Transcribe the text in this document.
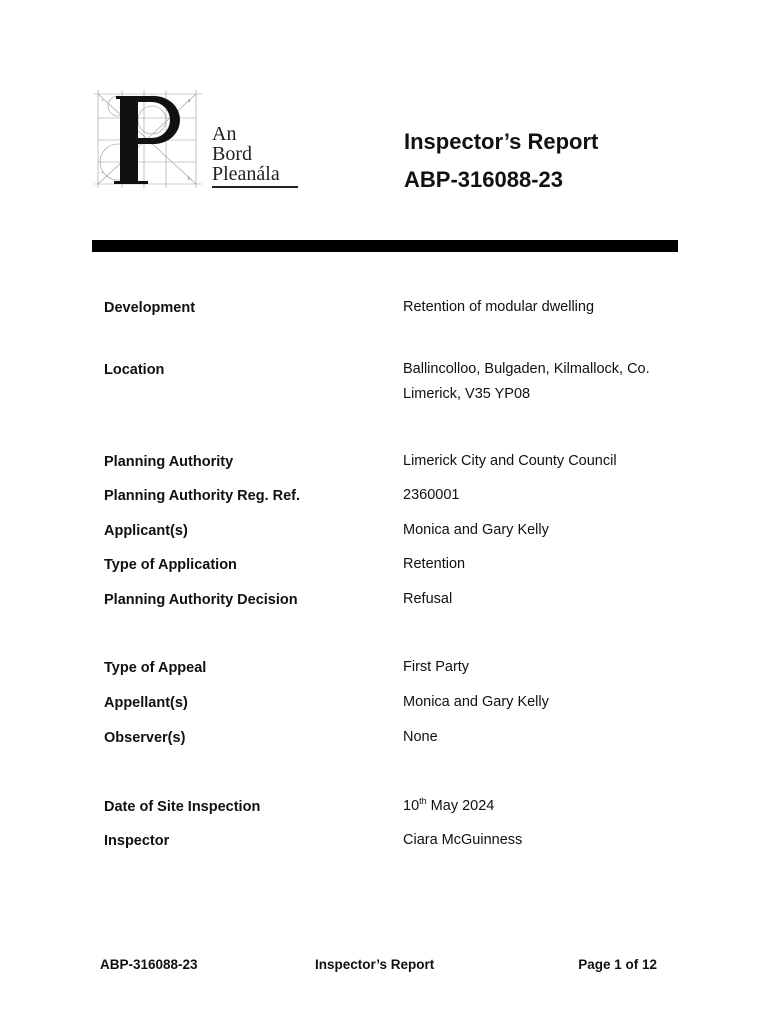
+
+
a
b
An
Bord
Pleanála
Inspector’s Report
ABP-316088-23
Development	Retention of modular dwelling
Location	Ballincolloo, Bulgaden, Kilmallock, Co.
Limerick, V35 YP08
Planning Authority	Limerick City and County Council
Planning Authority Reg. Ref.	2360001
Applicant(s)	Monica and Gary Kelly
Type of Application	Retention
Planning Authority Decision	Refusal
Type of Appeal	First Party
Appellant(s)	Monica and Gary Kelly
Observer(s)	None
Date of Site Inspection	10th May 2024
Inspector	Ciara McGuinness
ABP-316088-23	Inspector’s Report	Page 1 of 12
